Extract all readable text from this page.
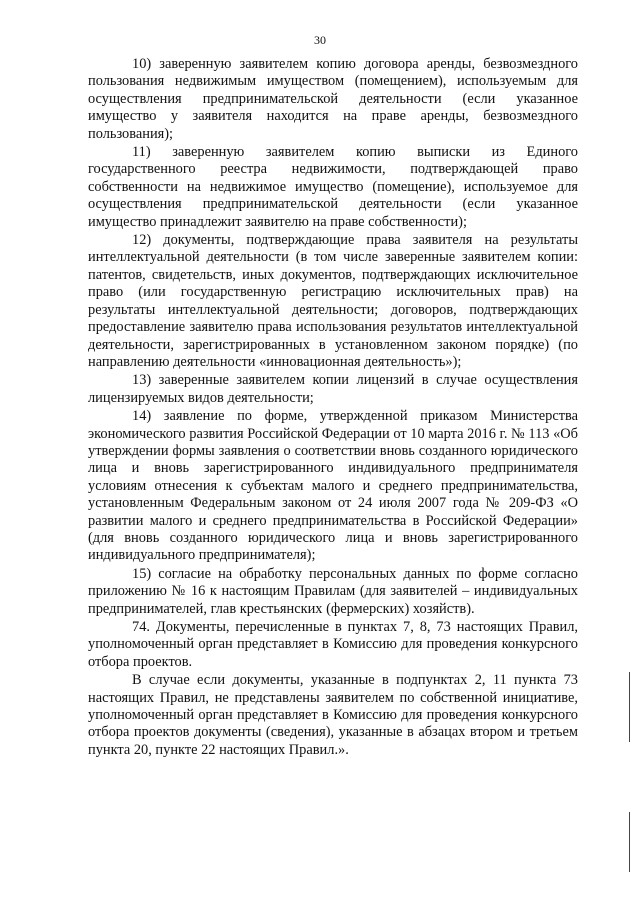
30

10) заверенную заявителем копию договора аренды, безвозмездного пользования недвижимым имуществом (помещением), используемым для осуществления предпринимательской деятельности (если указанное имущество у заявителя находится на праве аренды, безвозмездного пользования);

11) заверенную заявителем копию выписки из Единого государственного реестра недвижимости, подтверждающей право собственности на недвижимое имущество (помещение), используемое для осуществления предпринимательской деятельности (если указанное имущество принадлежит заявителю на праве собственности);

12) документы, подтверждающие права заявителя на результаты интеллектуальной деятельности (в том числе заверенные заявителем копии: патентов, свидетельств, иных документов, подтверждающих исключительное право (или государственную регистрацию исключительных прав) на результаты интеллектуальной деятельности; договоров, подтверждающих предоставление заявителю права использования результатов интеллектуальной деятельности, зарегистрированных в установленном законом порядке) (по направлению деятельности «инновационная деятельность»);

13) заверенные заявителем копии лицензий в случае осуществления лицензируемых видов деятельности;

14) заявление по форме, утвержденной приказом Министерства экономического развития Российской Федерации от 10 марта 2016 г. № 113 «Об утверждении формы заявления о соответствии вновь созданного юридического лица и вновь зарегистрированного индивидуального предпринимателя условиям отнесения к субъектам малого и среднего предпринимательства, установленным Федеральным законом от 24 июля 2007 года № 209-ФЗ «О развитии малого и среднего предпринимательства в Российской Федерации» (для вновь созданного юридического лица и вновь зарегистрированного индивидуального предпринимателя);

15) согласие на обработку персональных данных по форме согласно приложению № 16 к настоящим Правилам (для заявителей – индивидуальных предпринимателей, глав крестьянских (фермерских) хозяйств).

74. Документы, перечисленные в пунктах 7, 8, 73 настоящих Правил, уполномоченный орган представляет в Комиссию для проведения конкурсного отбора проектов.

В случае если документы, указанные в подпунктах 2, 11 пункта 73 настоящих Правил, не представлены заявителем по собственной инициативе, уполномоченный орган представляет в Комиссию для проведения конкурсного отбора проектов документы (сведения), указанные в абзацах втором и третьем пункта 20, пункте 22 настоящих Правил.».
